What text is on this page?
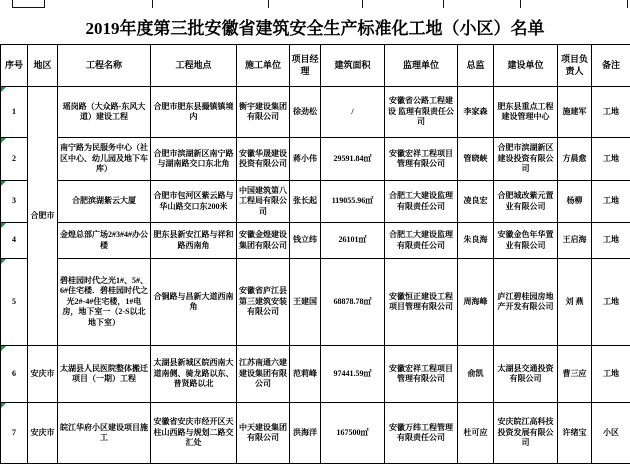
2019年度第三批安徽省建筑安全生产标准化工地（小区）名单
序号	地区	工程名称	工程地点	施工单位	项目经理	建筑面积	监理单位	总监	建设单位	项目负责人	备注

1	合肥市	瑶岗路（大众路-东风大道）建设工程	合肥市肥东县撮镇镇境内	衡宇建设集团有限公司	徐劲松	/	安徽省公路工程建设 监理有限责任公司	李家森	肥东县重点工程建设管理中心	施建军	工地

2		南宁路为民服务中心（社区中心、幼儿园及地下车库）	合肥市滨湖新区南宁路与湖南路交口东北角	安徽华晟建设投资有限公司	蒋小伟	29591.84㎡	安徽宏祥工程项目管理有限公司	管晓峡	合肥市滨湖新区建设投资有限公司	方晨愈	工地

3		合肥滨湖紫云大厦	合肥市包河区紫云路与华山路交口东200米	中国建筑第八工程局有限公司	张长起	119055.96㎡	合肥工大建设监理有限责任公司	凌良宏	合肥城改紫元置业有限公司	杨柳	工地

4		金煌总部广场2#3#4#办公楼	肥东县新安江路与祥和路西南角	安徽金煌建设集团有限公司	钱立纬	26101㎡	合肥工大建设监理有限责任公司	朱良海	安徽金色年华置业有限公司	王启海	工地

5		碧桂园时代之光1#、5#、6#住宅楼．碧桂园时代之光2#-4#住宅楼，1#电房，地下室一（2-S以北地下室）	合铜路与昌新大道西南角	安徽省庐江县第三建筑安装有限公司	王建国	68878.78㎡	安徽恒正建设工程项目管理有限公司	周海峰	庐江碧桂园房地产开发有限公司	刘 燕	工地

6	安庆市	太湖县人民医院整体搬迁项目（一期）工程	太湖县新城区皖西南大道南侧、骑龙路以东、普贤路以北	江苏南通六建建设集团有限公司	范莉峰	97441.59㎡	安徽宏祥工程项目管理有限公司	俞凯	太湖县交通投资有限公司	曹三应	工地

7	安庆市	皖江华府小区建设项目施工	安徽省安庆市经开区天柱山西路与规划二路交汇处	中天建设集团有限公司	洪海洋	167500㎡	安徽万纬工程管理有限责任公司	杜可应	安庆皖江高科技投资发展有限公司	许绪宝	小区
